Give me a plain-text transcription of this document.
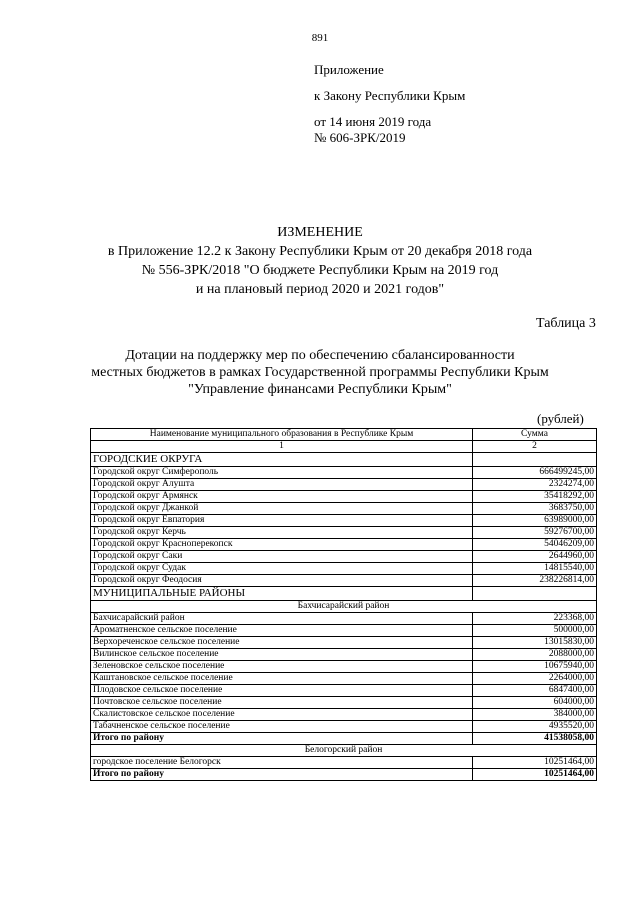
891
Приложение
к Закону Республики Крым
от 14 июня 2019 года
№ 606-ЗРК/2019
ИЗМЕНЕНИЕ
в Приложение 12.2 к Закону Республики Крым от 20 декабря 2018 года
№ 556-ЗРК/2018 "О бюджете Республики Крым на 2019 год
и на плановый период 2020 и 2021 годов"
Таблица 3
Дотации на поддержку мер по обеспечению сбалансированности
местных бюджетов в рамках Государственной программы Республики Крым
"Управление финансами Республики Крым"
(рублей)
Наименование муниципального образования в Республике Крым	Сумма
1	2
ГОРОДСКИЕ ОКРУГА	
Городской округ Симферополь	666499245,00
Городской округ Алушта	2324274,00
Городской округ Армянск	35418292,00
Городской округ Джанкой	3683750,00
Городской округ Евпатория	63989000,00
Городской округ Керчь	59276700,00
Городской округ Красноперекопск	54046209,00
Городской округ Саки	2644960,00
Городской округ Судак	14815540,00
Городской округ Феодосия	238226814,00
МУНИЦИПАЛЬНЫЕ РАЙОНЫ	
Бахчисарайский район	
Бахчисарайский район	223368,00
Ароматненское сельское поселение	500000,00
Верхореченское сельское поселение	13015830,00
Вилинское сельское поселение	2088000,00
Зеленовское сельское поселение	10675940,00
Каштановское сельское поселение	2264000,00
Плодовское сельское поселение	6847400,00
Почтовское сельское поселение	604000,00
Скалистовское сельское поселение	384000,00
Табачненское сельское поселение	4935520,00
Итого по району	41538058,00
Белогорский район	
городское поселение Белогорск	10251464,00
Итого по району	10251464,00
